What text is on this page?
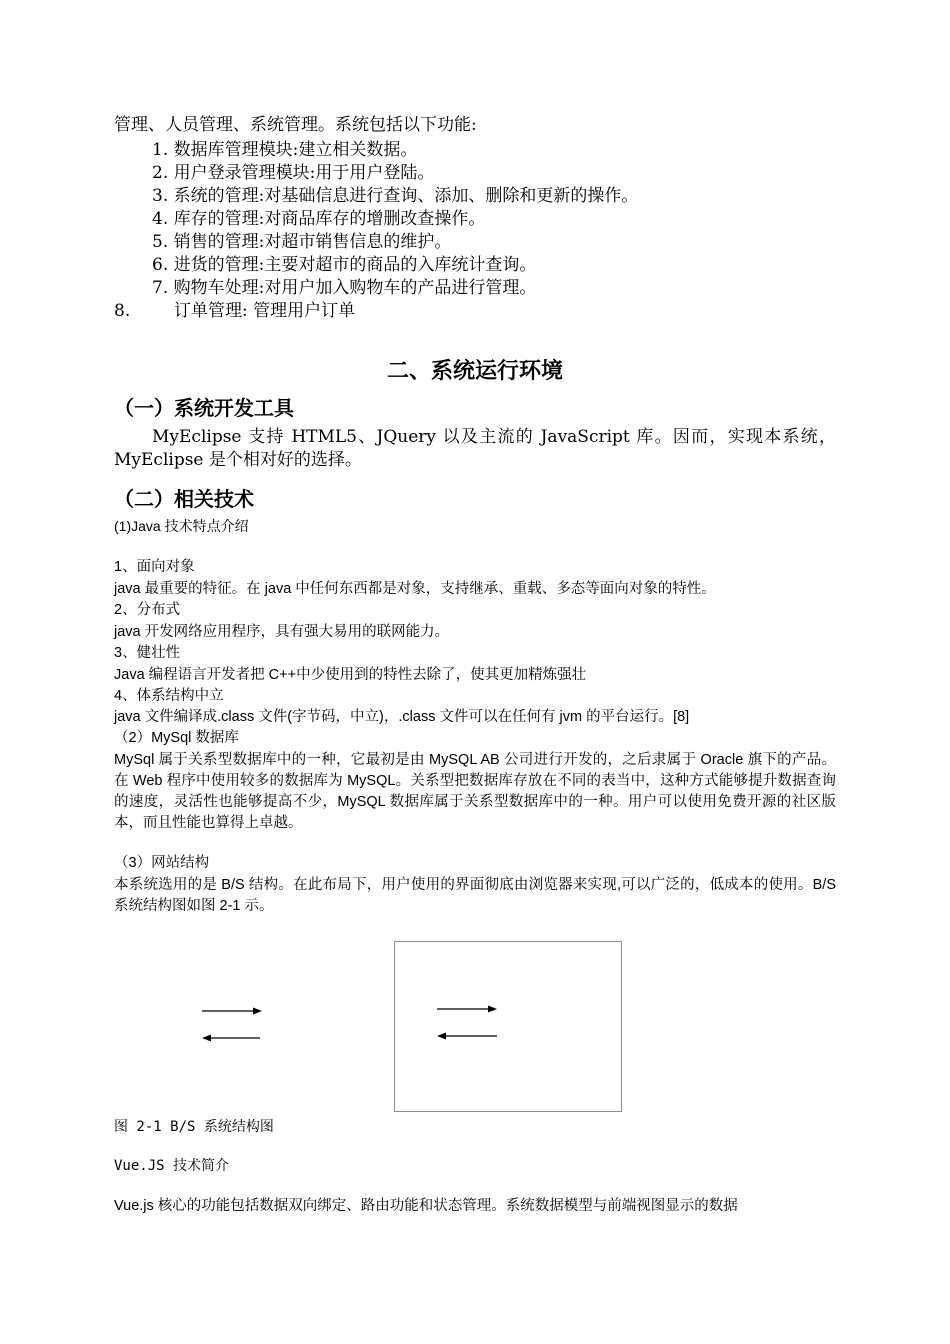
管理、人员管理、系统管理。系统包括以下功能:
1. 数据库管理模块:建立相关数据。
2. 用户登录管理模块:用于用户登陆。
3. 系统的管理:对基础信息进行查询、添加、删除和更新的操作。
4. 库存的管理:对商品库存的增删改查操作。
5. 销售的管理:对超市销售信息的维护。
6. 进货的管理:主要对超市的商品的入库统计查询。
7. 购物车处理:对用户加入购物车的产品进行管理。
8.	订单管理: 管理用户订单
二、系统运行环境
（一）系统开发工具
MyEclipse 支持 HTML5、JQuery 以及主流的 JavaScript 库。因而，实现本系统，MyEclipse 是个相对好的选择。
（二）相关技术
(1)Java 技术特点介绍
1、面向对象
java 最重要的特征。在 java 中任何东西都是对象，支持继承、重载、多态等面向对象的特性。
2、分布式
java 开发网络应用程序，具有强大易用的联网能力。
3、健壮性
Java 编程语言开发者把 C++中少使用到的特性去除了，使其更加精炼强壮
4、体系结构中立
java 文件编译成.class 文件(字节码，中立)，.class 文件可以在任何有 jvm 的平台运行。[8]
（2）MySql 数据库
MySql 属于关系型数据库中的一种，它最初是由 MySQL AB 公司进行开发的，之后隶属于 Oracle 旗下的产品。在 Web 程序中使用较多的数据库为 MySQL。关系型把数据库存放在不同的表当中，这种方式能够提升数据查询的速度，灵活性也能够提高不少，MySQL 数据库属于关系型数据库中的一种。用户可以使用免费开源的社区版本，而且性能也算得上卓越。
（3）网站结构
本系统选用的是 B/S 结构。在此布局下，用户使用的界面彻底由浏览器来实现,可以广泛的，低成本的使用。B/S 系统结构图如图 2-1 示。
图 2-1 B/S 系统结构图
Vue.JS 技术简介
Vue.js 核心的功能包括数据双向绑定、路由功能和状态管理。系统数据模型与前端视图显示的数据
